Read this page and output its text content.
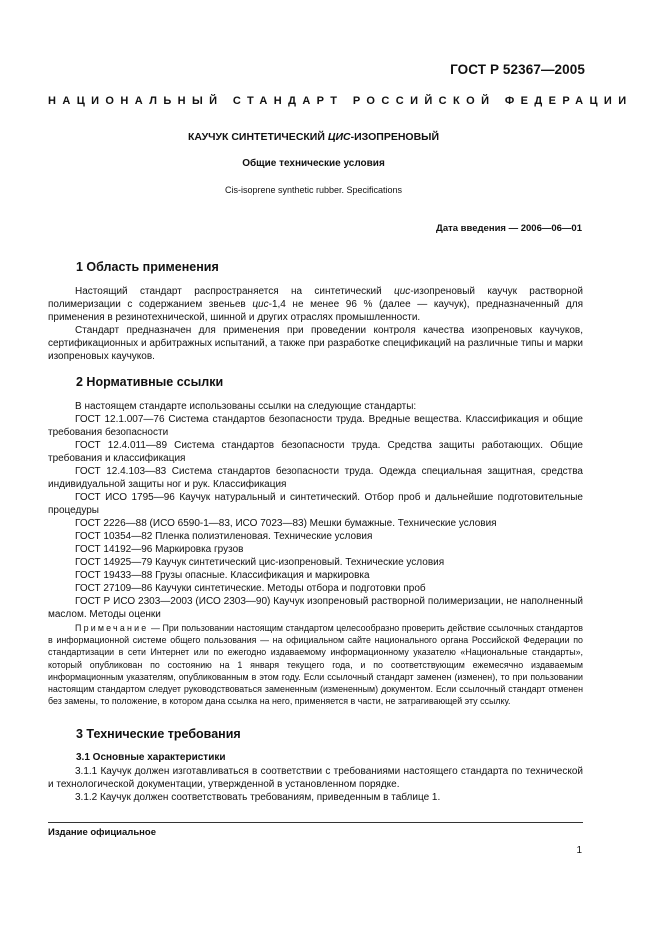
ГОСТ Р 52367—2005
НАЦИОНАЛЬНЫЙ СТАНДАРТ РОССИЙСКОЙ ФЕДЕРАЦИИ
КАУЧУК СИНТЕТИЧЕСКИЙ ЦИС-ИЗОПРЕНОВЫЙ
Общие технические условия
Cis-isoprene synthetic rubber. Specifications
Дата введения — 2006—06—01
1 Область применения
Настоящий стандарт распространяется на синтетический цис-изопреновый каучук растворной полимеризации с содержанием звеньев цис-1,4 не менее 96 % (далее — каучук), предназначенный для применения в резинотехнической, шинной и других отраслях промышленности.
Стандарт предназначен для применения при проведении контроля качества изопреновых каучуков, сертификационных и арбитражных испытаний, а также при разработке спецификаций на различные типы и марки изопреновых каучуков.
2 Нормативные ссылки
В настоящем стандарте использованы ссылки на следующие стандарты:
ГОСТ 12.1.007—76 Система стандартов безопасности труда. Вредные вещества. Классификация и общие требования безопасности
ГОСТ 12.4.011—89 Система стандартов безопасности труда. Средства защиты работающих. Общие требования и классификация
ГОСТ 12.4.103—83 Система стандартов безопасности труда. Одежда специальная защитная, средства индивидуальной защиты ног и рук. Классификация
ГОСТ ИСО 1795—96 Каучук натуральный и синтетический. Отбор проб и дальнейшие подготовительные процедуры
ГОСТ 2226—88 (ИСО 6590-1—83, ИСО 7023—83) Мешки бумажные. Технические условия
ГОСТ 10354—82 Пленка полиэтиленовая. Технические условия
ГОСТ 14192—96 Маркировка грузов
ГОСТ 14925—79 Каучук синтетический цис-изопреновый. Технические условия
ГОСТ 19433—88 Грузы опасные. Классификация и маркировка
ГОСТ 27109—86 Каучуки синтетические. Методы отбора и подготовки проб
ГОСТ Р ИСО 2303—2003 (ИСО 2303—90) Каучук изопреновый растворной полимеризации, не наполненный маслом. Методы оценки
Примечание — При пользовании настоящим стандартом целесообразно проверить действие ссылочных стандартов в информационной системе общего пользования — на официальном сайте национального органа Российской Федерации по стандартизации в сети Интернет или по ежегодно издаваемому информационному указателю «Национальные стандарты», который опубликован по состоянию на 1 января текущего года, и по соответствующим ежемесячно издаваемым информационным указателям, опубликованным в этом году. Если ссылочный стандарт заменен (изменен), то при пользовании настоящим стандартом следует руководствоваться замененным (измененным) документом. Если ссылочный стандарт отменен без замены, то положение, в котором дана ссылка на него, применяется в части, не затрагивающей эту ссылку.
3 Технические требования
3.1 Основные характеристики
3.1.1 Каучук должен изготавливаться в соответствии с требованиями настоящего стандарта по технической и технологической документации, утвержденной в установленном порядке.
3.1.2 Каучук должен соответствовать требованиям, приведенным в таблице 1.
Издание официальное
1
